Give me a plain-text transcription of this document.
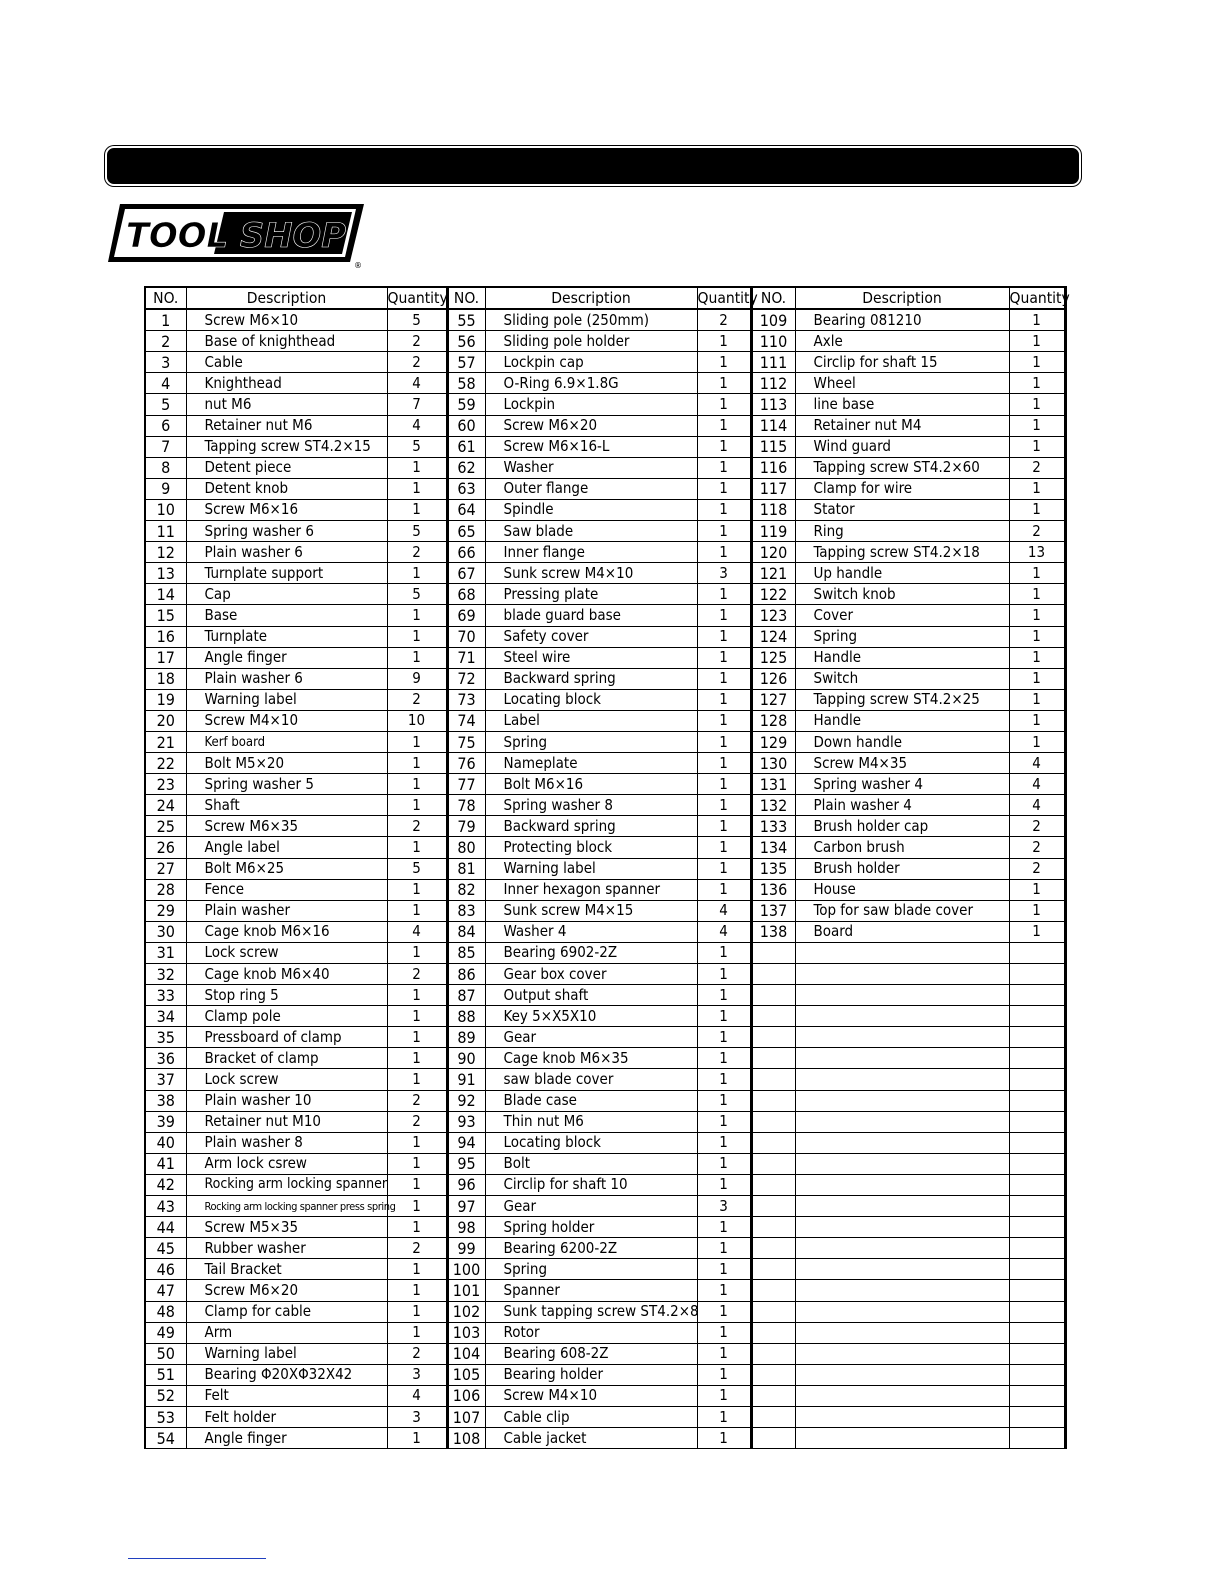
TOOL SHOP
®
NO.	Description	Quantity	NO.	Description	Quantity	NO.	Description	Quantity
1	Screw M6×10	5	55	Sliding pole (250mm)	2	109	Bearing 081210	1
2	Base of knighthead	2	56	Sliding pole holder	1	110	Axle	1
3	Cable	2	57	Lockpin cap	1	111	Circlip for shaft 15	1
4	Knighthead	4	58	O-Ring 6.9×1.8G	1	112	Wheel	1
5	nut M6	7	59	Lockpin	1	113	line base	1
6	Retainer nut M6	4	60	Screw M6×20	1	114	Retainer nut M4	1
7	Tapping screw ST4.2×15	5	61	Screw M6×16-L	1	115	Wind guard	1
8	Detent piece	1	62	Washer	1	116	Tapping screw ST4.2×60	2
9	Detent knob	1	63	Outer flange	1	117	Clamp for wire	1
10	Screw M6×16	1	64	Spindle	1	118	Stator	1
11	Spring washer 6	5	65	Saw blade	1	119	Ring	2
12	Plain washer 6	2	66	Inner flange	1	120	Tapping screw ST4.2×18	13
13	Turnplate support	1	67	Sunk screw M4×10	3	121	Up handle	1
14	Cap	5	68	Pressing plate	1	122	Switch knob	1
15	Base	1	69	blade guard base	1	123	Cover	1
16	Turnplate	1	70	Safety cover	1	124	Spring	1
17	Angle finger	1	71	Steel wire	1	125	Handle	1
18	Plain washer 6	9	72	Backward spring	1	126	Switch	1
19	Warning label	2	73	Locating block	1	127	Tapping screw ST4.2×25	1
20	Screw M4×10	10	74	Label	1	128	Handle	1
21	Kerf board	1	75	Spring	1	129	Down handle	1
22	Bolt M5×20	1	76	Nameplate	1	130	Screw M4×35	4
23	Spring washer 5	1	77	Bolt M6×16	1	131	Spring washer 4	4
24	Shaft	1	78	Spring washer 8	1	132	Plain washer 4	4
25	Screw M6×35	2	79	Backward spring	1	133	Brush holder cap	2
26	Angle label	1	80	Protecting block	1	134	Carbon brush	2
27	Bolt M6×25	5	81	Warning label	1	135	Brush holder	2
28	Fence	1	82	Inner hexagon spanner	1	136	House	1
29	Plain washer	1	83	Sunk screw M4×15	4	137	Top for saw blade cover	1
30	Cage knob M6×16	4	84	Washer 4	4	138	Board	1
31	Lock screw	1	85	Bearing 6902-2Z	1			
32	Cage knob M6×40	2	86	Gear box cover	1			
33	Stop ring 5	1	87	Output shaft	1			
34	Clamp pole	1	88	Key 5×X5X10	1			
35	Pressboard of clamp	1	89	Gear	1			
36	Bracket of clamp	1	90	Cage knob M6×35	1			
37	Lock screw	1	91	saw blade cover	1			
38	Plain washer 10	2	92	Blade case	1			
39	Retainer nut M10	2	93	Thin nut M6	1			
40	Plain washer 8	1	94	Locating block	1			
41	Arm lock csrew	1	95	Bolt	1			
42	Rocking arm locking spanner	1	96	Circlip for shaft 10	1			
43	Rocking arm locking spanner press spring	1	97	Gear	3			
44	Screw M5×35	1	98	Spring holder	1			
45	Rubber washer	2	99	Bearing 6200-2Z	1			
46	Tail Bracket	1	100	Spring	1			
47	Screw M6×20	1	101	Spanner	1			
48	Clamp for cable	1	102	Sunk tapping screw ST4.2×8	1			
49	Arm	1	103	Rotor	1			
50	Warning label	2	104	Bearing 608-2Z	1			
51	Bearing Φ20XΦ32X42	3	105	Bearing holder	1			
52	Felt	4	106	Screw M4×10	1			
53	Felt holder	3	107	Cable clip	1			
54	Angle finger	1	108	Cable jacket	1			
